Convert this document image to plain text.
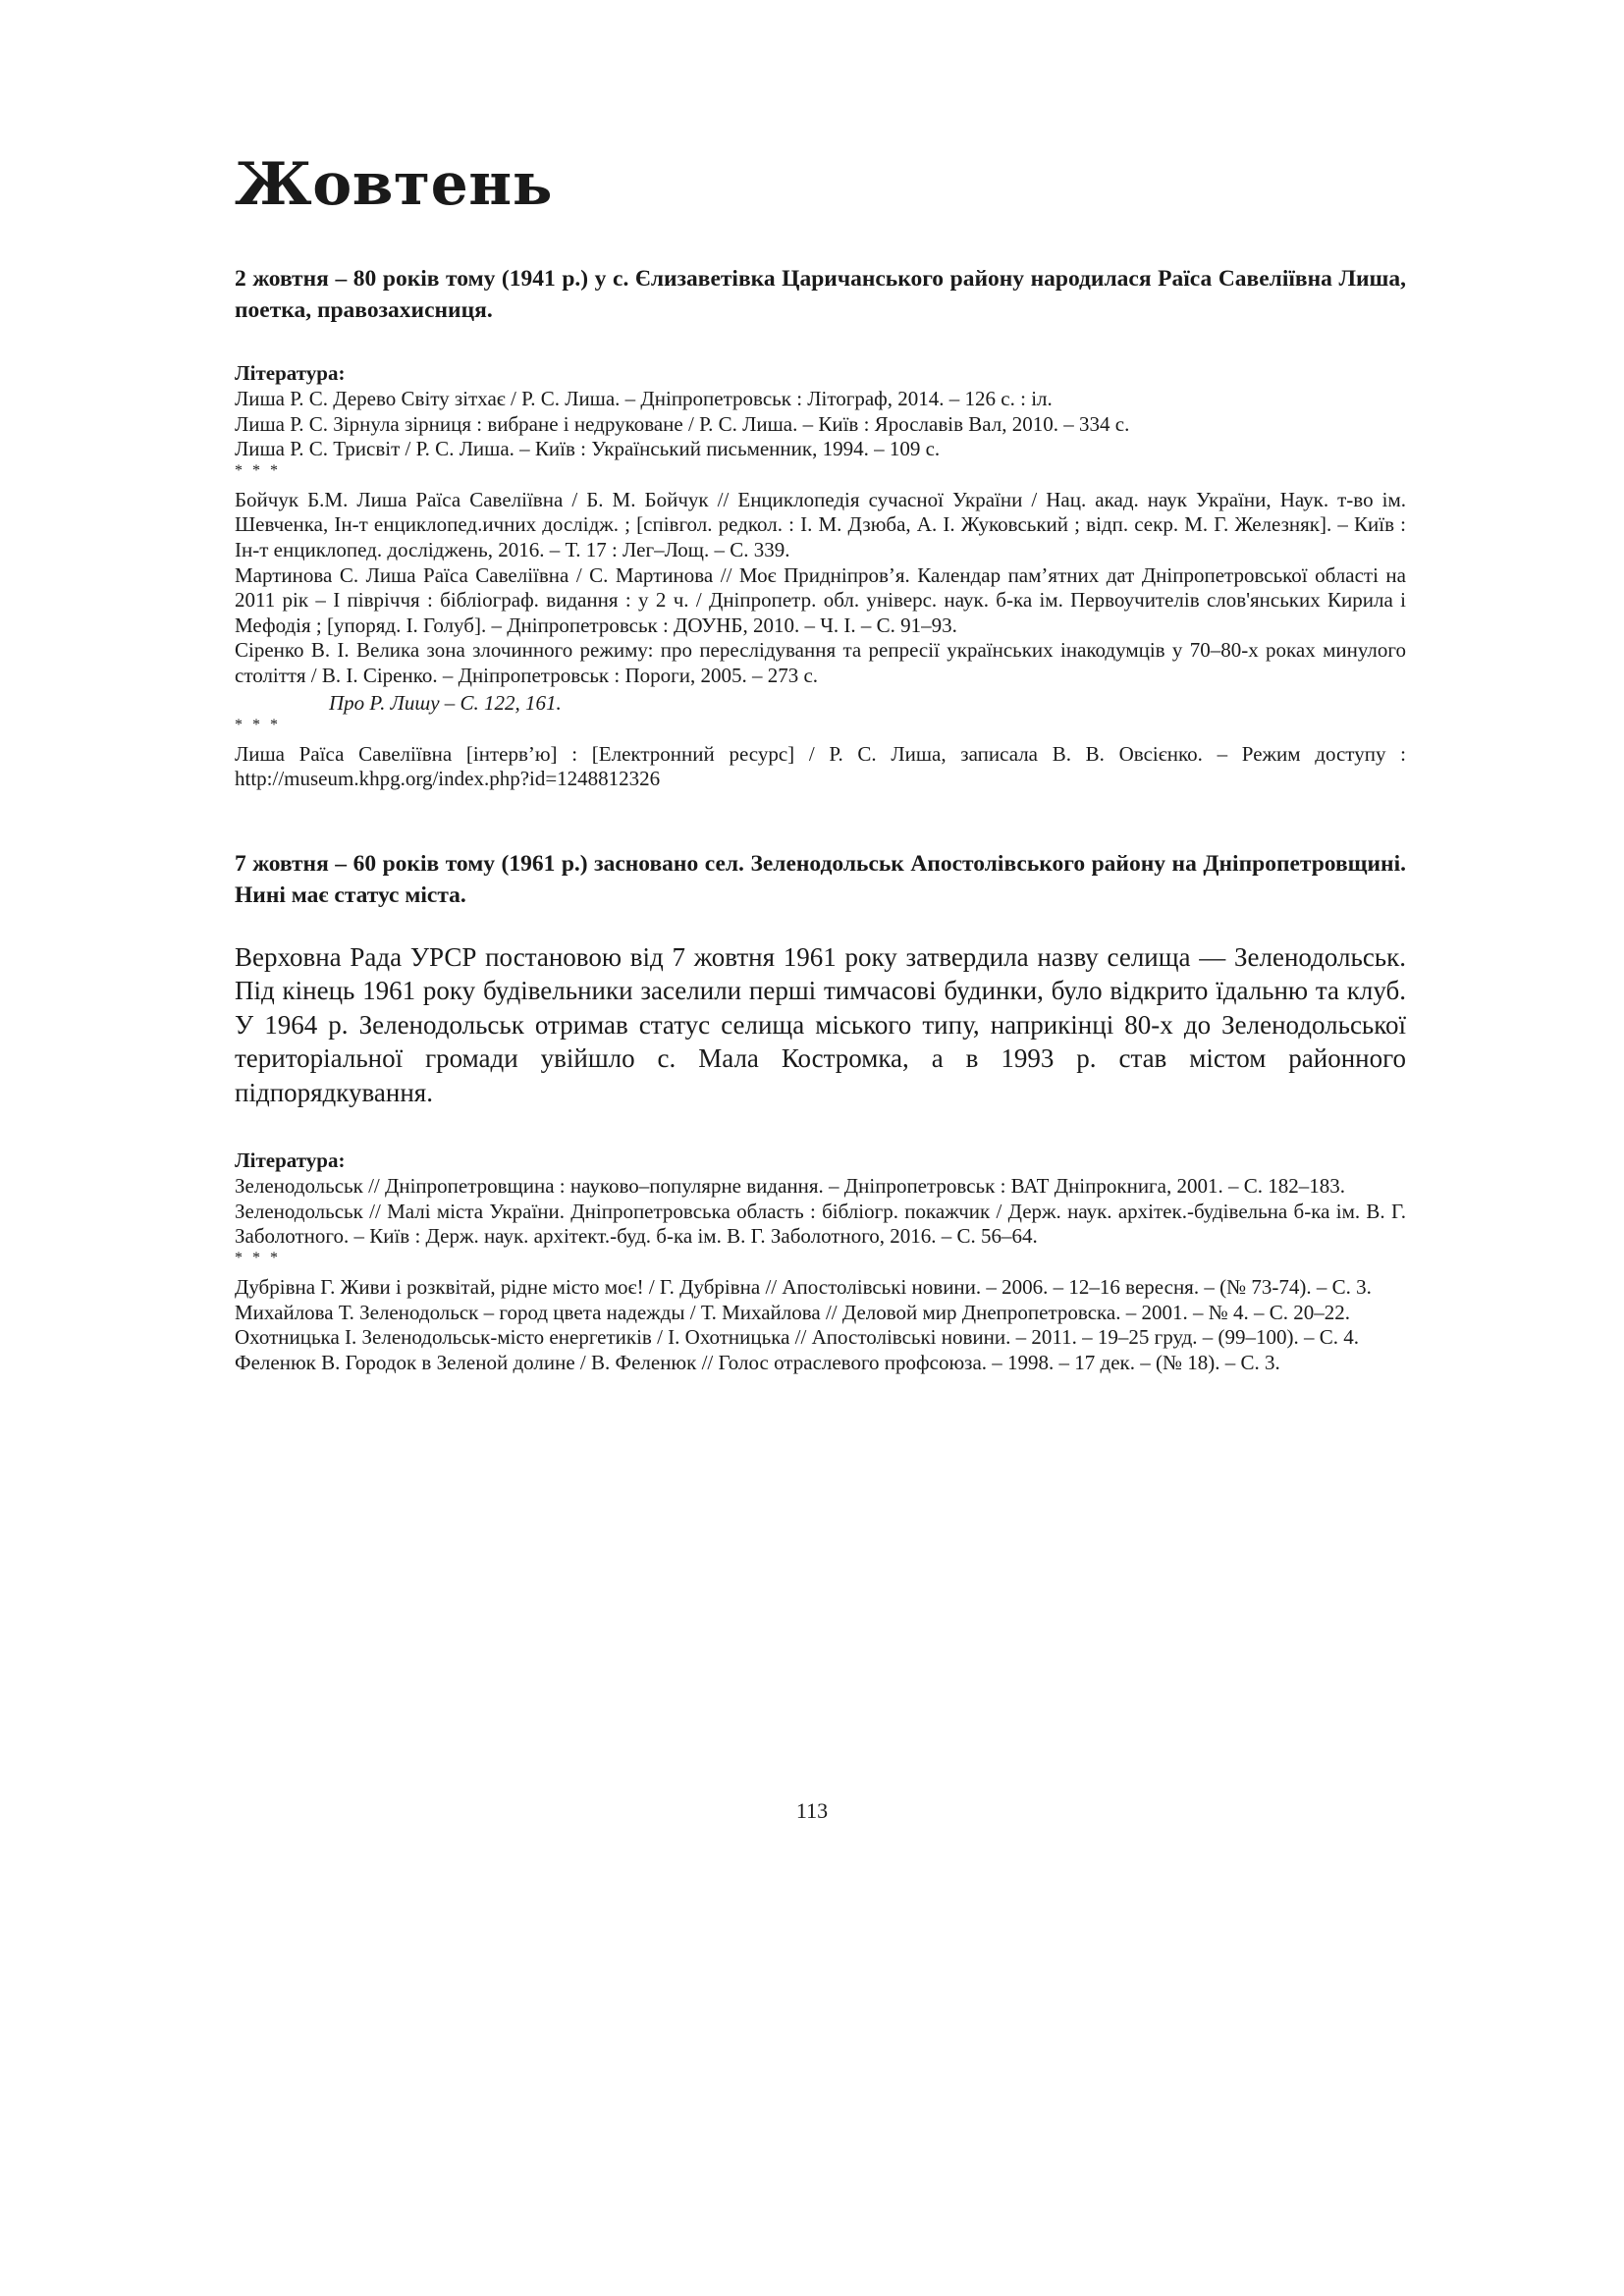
Жовтень

2 жовтня – 80 років тому (1941 р.) у с. Єлизаветівка Царичанського району народилася Раїса Савеліївна Лиша, поетка, правозахисниця.

Література:

Лиша Р. С. Дерево Світу зітхає / Р. С. Лиша. – Дніпропетровськ : Літограф, 2014. – 126 с. : іл.

Лиша Р. С. Зірнула зірниця : вибране і недруковане / Р. С. Лиша. – Київ : Ярославів Вал, 2010. – 334 с.

Лиша Р. С. Трисвіт / Р. С. Лиша. – Київ : Український письменник, 1994. – 109 с.

* * *

Бойчук Б.М. Лиша Раїса Савеліївна / Б. М. Бойчук // Енциклопедія сучасної України / Нац. акад. наук України, Наук. т-во ім. Шевченка, Ін-т енциклопед.ичних дослідж. ; [співгол. редкол. : І. М. Дзюба, А. І. Жуковський ; відп. секр. М. Г. Железняк]. – Київ : Ін-т енциклопед. досліджень, 2016. – Т. 17 : Лег–Лощ. – С. 339.

Мартинова С. Лиша Раїса Савеліївна / С. Мартинова // Моє Придніпров’я. Календар пам’ятних дат Дніпропетровської області на 2011 рік – І півріччя : бібліограф. видання : у 2 ч. / Дніпропетр. обл. універс. наук. б-ка ім. Первоучителів слов'янських Кирила і Мефодія ; [упоряд. І. Голуб]. – Дніпропетровськ : ДОУНБ, 2010. – Ч. І. – С. 91–93.

Сіренко В. І. Велика зона злочинного режиму: про переслідування та репресії українських інакодумців у 70–80-х роках минулого століття / В. І. Сіренко. – Дніпропетровськ : Пороги, 2005. – 273 с.

Про Р. Лишу – С. 122, 161.

* * *

Лиша Раїса Савеліївна [інтерв’ю] : [Електронний ресурс] / Р. С. Лиша, записала В. В. Овсієнко. – Режим доступу : http://museum.khpg.org/index.php?id=1248812326

7 жовтня – 60 років тому (1961 р.) засновано сел. Зеленодольськ Апостолівського району на Дніпропетровщині. Нині має статус міста.

Верховна Рада УРСР постановою від 7 жовтня 1961 року затвердила назву селища — Зеленодольськ. Під кінець 1961 року будівельники заселили перші тимчасові будинки, було відкрито їдальню та клуб. У 1964 р. Зеленодольськ отримав статус селища міського типу, наприкінці 80-х до Зеленодольської територіальної громади увійшло с. Мала Костромка, а в 1993 р. став містом районного підпорядкування.

Література:

Зеленодольськ // Дніпропетровщина : науково–популярне видання. – Дніпропетровськ : ВАТ Дніпрокнига, 2001. – С. 182–183.

Зеленодольськ // Малі міста України. Дніпропетровська область : бібліогр. покажчик / Держ. наук. архітек.-будівельна б-ка ім. В. Г. Заболотного. – Київ : Держ. наук. архітект.-буд. б-ка ім. В. Г. Заболотного, 2016. – С. 56–64.

* * *

Дубрівна Г. Живи і розквітай, рідне місто моє! / Г. Дубрівна // Апостолівські новини. – 2006. – 12–16 вересня. – (№ 73-74). – С. 3.

Михайлова Т. Зеленодольск – город цвета надежды / Т. Михайлова // Деловой мир Днепропетровска. – 2001. – № 4. – С. 20–22.

Охотницька І. Зеленодольськ-місто енергетиків / І. Охотницька // Апостолівські новини. – 2011. – 19–25 груд. – (99–100). – С. 4.

Феленюк В. Городок в Зеленой долине / В. Феленюк // Голос отраслевого профсоюза. – 1998. – 17 дек. – (№ 18). – С. 3.

113
